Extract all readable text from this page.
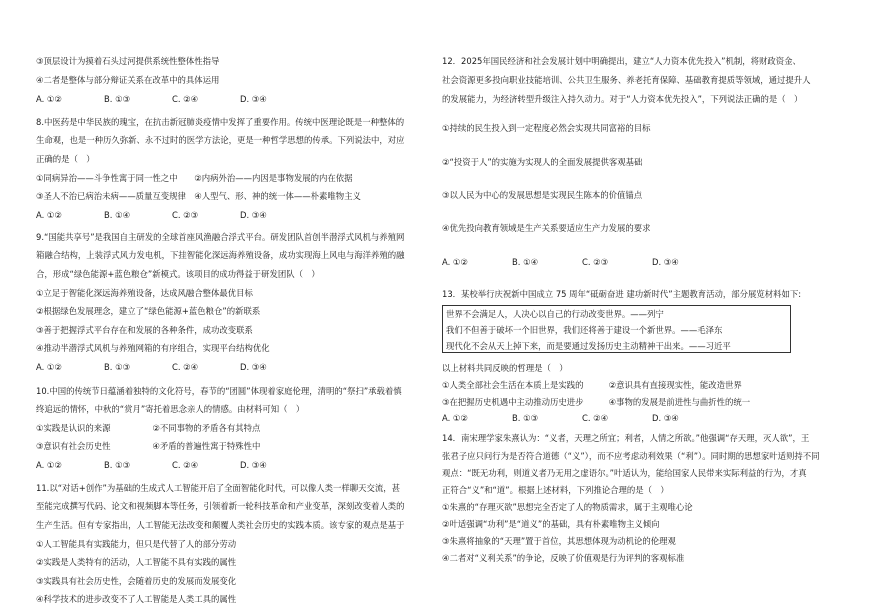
③顶层设计为摸着石头过河提供系统性整体性指导
④二者是整体与部分辩证关系在改革中的具体运用
A. ①②	B. ①③	C. ②④	D. ③④
8.中医药是中华民族的瑰宝，在抗击新冠肺炎疫情中发挥了重要作用。传统中医理论既是一种整体的
生命观，也是一种历久弥新、永不过时的医学方法论，更是一种哲学思想的传承。下列说法中，对应
正确的是（　）
①同病异治——斗争性寓于同一性之中　　②内病外治——内因是事物发展的内在依据
③圣人不治已病治未病——质量互变规律　④人型气、形、神的统一体——朴素唯物主义
A. ①②	B. ①④	C. ②③	D. ③④
9.“国能共享号”是我国自主研发的全球首座风渔融合浮式平台。研发团队首创半潜浮式风机与养殖网
箱融合结构，上装浮式风力发电机，下挂智能化深远海养殖设备，成功实现海上风电与海洋养殖的融
合，形成“绿色能源+蓝色粮仓”新模式。该项目的成功得益于研发团队（　）
①立足于智能化深远海养殖设备，达成风融合整体最优目标
②根据绿色发展理念，建立了“绿色能源+蓝色粮仓”的新联系
③善于把握浮式平台存在和发展的各种条件，成功改变联系
④推动半潜浮式风机与养殖网箱的有序组合，实现平台结构优化
A. ①②	B. ①③	C. ②④	D. ③④
10.中国的传统节日蕴涵着独特的文化符号，春节的“团圆”体现着家庭伦理，清明的“祭扫”承载着慎
终追远的情怀，中秋的“赏月”寄托着思念亲人的情感。由材料可知（　）
①实践是认识的来源　　　　　②不同事物的矛盾各有其特点
③意识有社会历史性　　　　　④矛盾的普遍性寓于特殊性中
A. ①②	B. ①③	C. ②④	D. ③④
11.以“对话+创作”为基础的生成式人工智能开启了全面智能化时代，可以像人类一样聊天交流，甚
至能完成撰写代码、论文和视频脚本等任务，引领着新一轮科技革命和产业变革，深刻改变着人类的
生产生活。但有专家指出，人工智能无法改变和颠覆人类社会历史的实践本质。该专家的观点是基于
①人工智能具有实践能力，但只是代替了人的部分劳动
②实践是人类特有的活动，人工智能不具有实践的属性
③实践具有社会历史性，会随着历史的发展而发展变化
④科学技术的进步改变不了人工智能是人类工具的属性
12．2025年国民经济和社会发展计划中明确提出，建立“人力资本优先投入”机制，将财政资金、
社会资源更多投向职业技能培训、公共卫生服务、养老托育保障、基础教育提质等领域，通过提升人
的发展能力，为经济转型升级注入持久动力。对于“人力资本优先投入”，下列说法正确的是（　）
①持续的民生投入到一定程度必然会实现共同富裕的目标
②“投资于人”的实施为实现人的全面发展提供客观基础
③以人民为中心的发展思想是实现民生陈本的价值锚点
④优先投向教育领域是生产关系要适应生产力发展的要求
A. ①②	B. ①④	C. ②③	D. ③④
13．某校举行庆祝新中国成立 75 周年“砥砺奋进 建功新时代”主题教育活动，部分展览材料如下:
世界不会满足人，人决心以自己的行动改变世界。——列宁
我们不但善于破坏一个旧世界，我们还将善于建设一个新世界。——毛泽东
现代化不会从天上掉下来，而是要通过发扬历史主动精神干出来。——习近平
以上材料共同反映的哲理是（　）
①人类全部社会生活在本质上是实践的　　　②意识具有直接现实性，能改造世界
③在把握历史机遇中主动推动历史进步　　　④事物的发展是前进性与曲折性的统一
A. ①②	B. ①③	C. ②④	D. ③④
14．南宋理学家朱熹认为：“义者，天理之所宜；利者，人情之所欲。”他强调“存天理，灭人欲”，王
张君子应只问行为是否符合道德（“义”），而不应考虑动利效果（“利”）。同时期的思想家叶适则持不同
观点：“既无功利，则道义者乃无用之虚语尔。”叶适认为，能给国家人民带来实际利益的行为，才真
正符合“义”和“道”。根据上述材料，下列推论合理的是（　）
①朱熹的“存理灭欲”思想完全否定了人的物质需求，属于主观唯心论
②叶适强调“功利”是“道义”的基础，具有朴素唯物主义倾向
③朱熹将抽象的“天理”置于首位，其思想体现为动机论的伦理观
④二者对“义利关系”的争论，反映了价值观是行为评判的客观标准
